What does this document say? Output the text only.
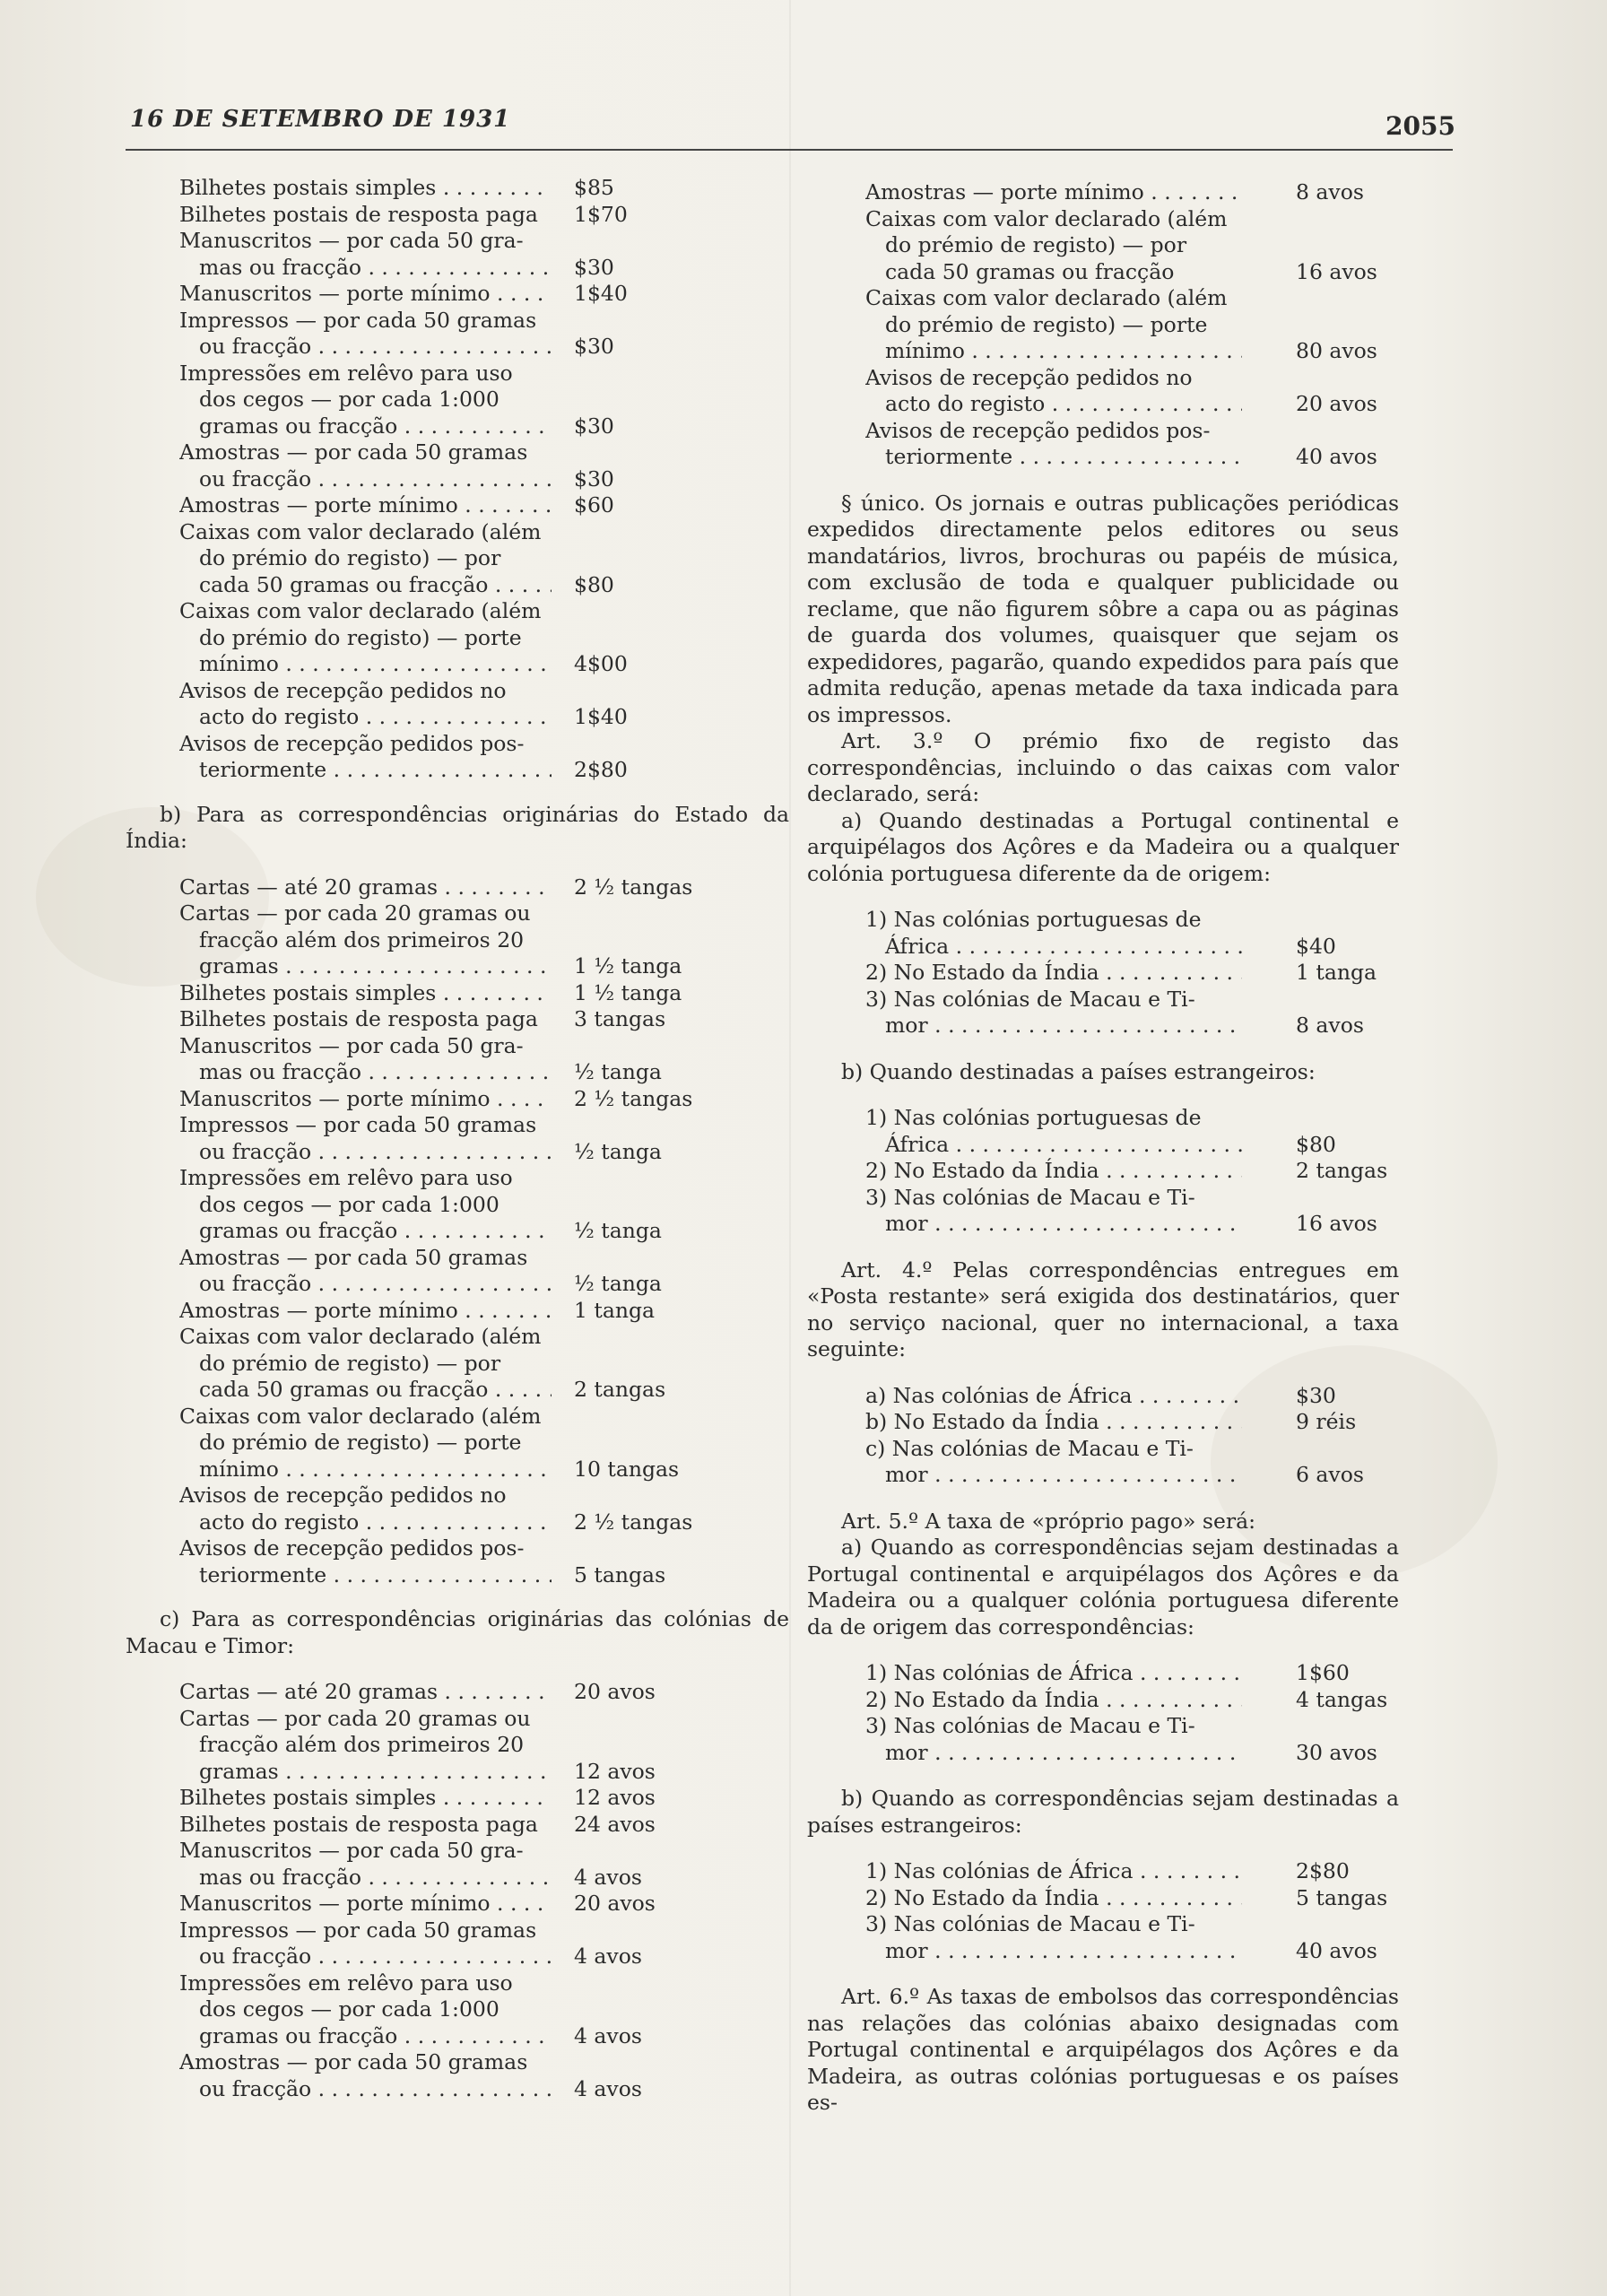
16 DE SETEMBRO DE 1931	2055
Bilhetes postais simples . . .	$85
Bilhetes postais de resposta paga	1$70
Manuscritos — por cada 50 gra-
mas ou fracção . . .	$30
Manuscritos — porte mínimo . . .	1$40
Impressos — por cada 50 gramas
ou fracção . . .	$30
Impressões em relêvo para uso
dos cegos — por cada 1:000
gramas ou fracção . . .	$30
Amostras — por cada 50 gramas
ou fracção . . .	$30
Amostras — porte mínimo . . .	$60
Caixas com valor declarado (além
do prémio do registo) — por
cada 50 gramas ou fracção . . .	$80
Caixas com valor declarado (além
do prémio do registo) — porte
mínimo . . .	4$00
Avisos de recepção pedidos no
acto do registo . . .	1$40
Avisos de recepção pedidos pos-
teriormente . . .	2$80
b) Para as correspondências originárias do Estado da Índia:
Cartas — até 20 gramas . . .	2 ½ tangas
Cartas — por cada 20 gramas ou
fracção além dos primeiros 20
gramas . . .	1 ½ tanga
Bilhetes postais simples . . .	1 ½ tanga
Bilhetes postais de resposta paga	3 tangas
Manuscritos — por cada 50 gra-
mas ou fracção . . .	½ tanga
Manuscritos — porte mínimo . . .	2 ½ tangas
Impressos — por cada 50 gramas
ou fracção . . .	½ tanga
Impressões em relêvo para uso
dos cegos — por cada 1:000
gramas ou fracção . . .	½ tanga
Amostras — por cada 50 gramas
ou fracção . . .	½ tanga
Amostras — porte mínimo . . .	1 tanga
Caixas com valor declarado (além
do prémio de registo) — por
cada 50 gramas ou fracção . . .	2 tangas
Caixas com valor declarado (além
do prémio de registo) — porte
mínimo . . .	10 tangas
Avisos de recepção pedidos no
acto do registo . . .	2 ½ tangas
Avisos de recepção pedidos pos-
teriormente . . .	5 tangas
c) Para as correspondências originárias das colónias de Macau e Timor:
Cartas — até 20 gramas . . .	20 avos
Cartas — por cada 20 gramas ou
fracção além dos primeiros 20
gramas . . .	12 avos
Bilhetes postais simples . . .	12 avos
Bilhetes postais de resposta paga	24 avos
Manuscritos — por cada 50 gra-
mas ou fracção . . .	4 avos
Manuscritos — porte mínimo . . .	20 avos
Impressos — por cada 50 gramas
ou fracção . . .	4 avos
Impressões em relêvo para uso
dos cegos — por cada 1:000
gramas ou fracção . . .	4 avos
Amostras — por cada 50 gramas
ou fracção . . .	4 avos
Amostras — porte mínimo . . .	8 avos
Caixas com valor declarado (além
do prémio de registo) — por
cada 50 gramas ou fracção	16 avos
Caixas com valor declarado (além
do prémio de registo) — porte
mínimo . . .	80 avos
Avisos de recepção pedidos no
acto do registo . . .	20 avos
Avisos de recepção pedidos pos-
teriormente . . .	40 avos
§ único. Os jornais e outras publicações periódicas expedidos directamente pelos editores ou seus mandatários, livros, brochuras ou papéis de música, com exclusão de toda e qualquer publicidade ou reclame, que não figurem sôbre a capa ou as páginas de guarda dos volumes, quaisquer que sejam os expedidores, pagarão, quando expedidos para país que admita redução, apenas metade da taxa indicada para os impressos.
Art. 3.º O prémio fixo de registo das correspondências, incluindo o das caixas com valor declarado, será:
a) Quando destinadas a Portugal continental e arquipélagos dos Açôres e da Madeira ou a qualquer colónia portuguesa diferente da de origem:
1) Nas colónias portuguesas de
África . . .	$40
2) No Estado da Índia . . .	1 tanga
3) Nas colónias de Macau e Ti-
mor . . .	8 avos
b) Quando destinadas a países estrangeiros:
1) Nas colónias portuguesas de
África . . .	$80
2) No Estado da Índia . . .	2 tangas
3) Nas colónias de Macau e Ti-
mor . . .	16 avos
Art. 4.º Pelas correspondências entregues em «Posta restante» será exigida dos destinatários, quer no serviço nacional, quer no internacional, a taxa seguinte:
a) Nas colónias de África . . .	$30
b) No Estado da Índia . . .	9 réis
c) Nas colónias de Macau e Ti-
mor . . .	6 avos
Art. 5.º A taxa de «próprio pago» será:
a) Quando as correspondências sejam destinadas a Portugal continental e arquipélagos dos Açôres e da Madeira ou a qualquer colónia portuguesa diferente da de origem das correspondências:
1) Nas colónias de África . . .	1$60
2) No Estado da Índia . . .	4 tangas
3) Nas colónias de Macau e Ti-
mor . . .	30 avos
b) Quando as correspondências sejam destinadas a países estrangeiros:
1) Nas colónias de África . . .	2$80
2) No Estado da Índia . . .	5 tangas
3) Nas colónias de Macau e Ti-
mor . . .	40 avos
Art. 6.º As taxas de embolsos das correspondências nas relações das colónias abaixo designadas com Portugal continental e arquipélagos dos Açôres e da Madeira, as outras colónias portuguesas e os países es-
